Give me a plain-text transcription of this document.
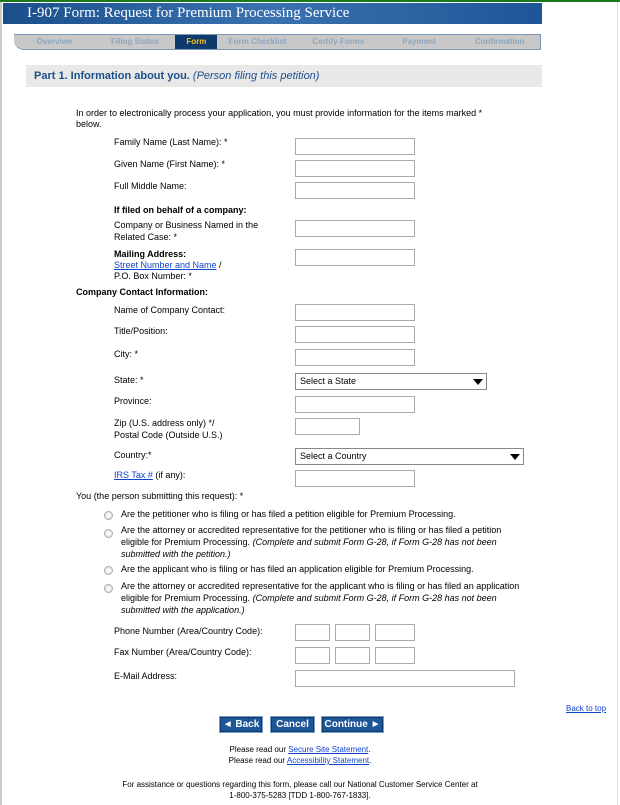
I-907 Form: Request for Premium Processing Service
Overview	Filing Status	Form	Form Checklist	Certify Forms	Payment	Confirmation
Part 1. Information about you. (Person filing this petition)
In order to electronically process your application, you must provide information for the items marked * below.
Family Name (Last Name): *
Given Name (First Name): *
Full Middle Name:
If filed on behalf of a company:
Company or Business Named in the Related Case: *
Mailing Address:
Street Number and Name /
P.O. Box Number: *
Company Contact Information:
Name of Company Contact:
Title/Position:
City: *
State: *	Select a State
Province:
Zip (U.S. address only) */
Postal Code (Outside U.S.)
Country:*	Select a Country
IRS Tax # (if any):
You (the person submitting this request): *
Are the petitioner who is filing or has filed a petition eligible for Premium Processing.
Are the attorney or accredited representative for the petitioner who is filing or has filed a petition eligible for Premium Processing. (Complete and submit Form G-28, if Form G-28 has not been submitted with the petition.)
Are the applicant who is filing or has filed an application eligible for Premium Processing.
Are the attorney or accredited representative for the applicant who is filing or has filed an application eligible for Premium Processing. (Complete and submit Form G-28, if Form G-28 has not been submitted with the application.)
Phone Number (Area/Country Code):
Fax Number (Area/Country Code):
E-Mail Address:
Back to top
◄ Back	Cancel	Continue ►
Please read our Secure Site Statement.
Please read our Accessibility Statement.
For assistance or questions regarding this form, please call our National Customer Service Center at
1-800-375-5283 [TDD 1-800-767-1833].
